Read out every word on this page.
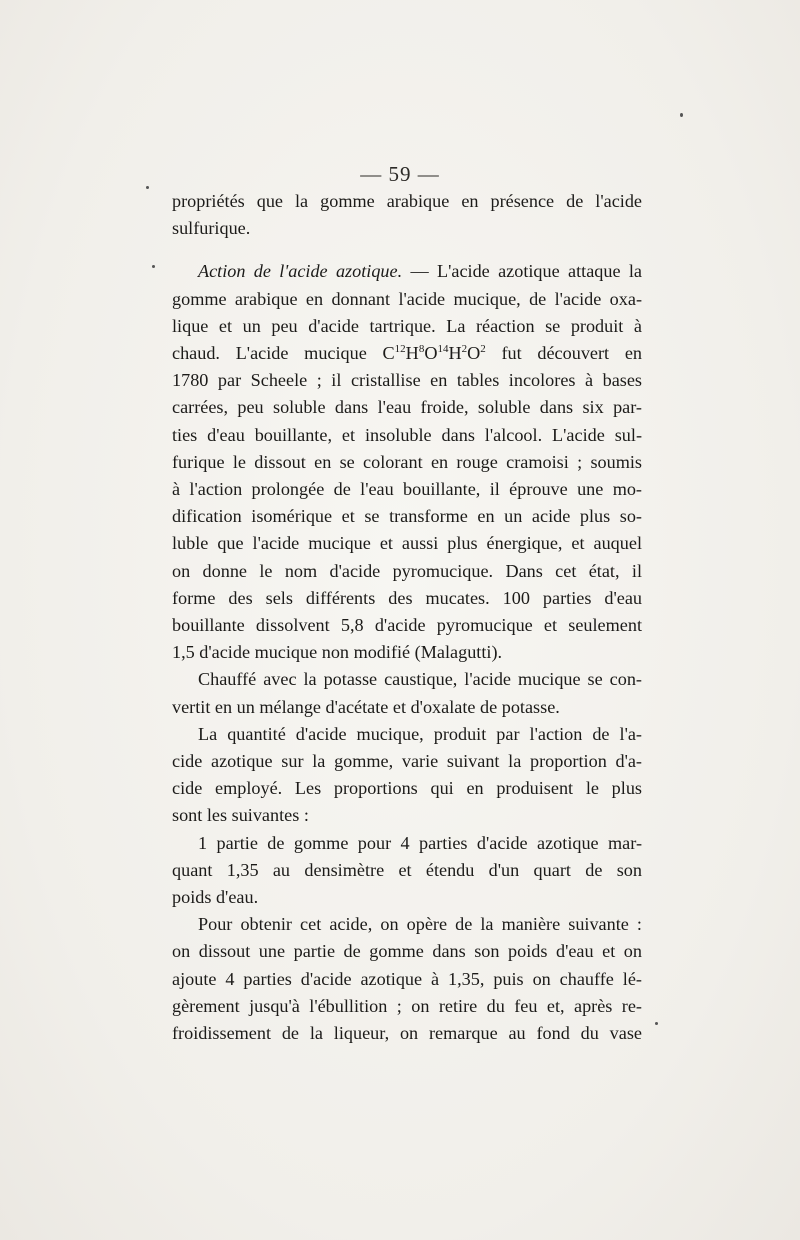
— 59 —
propriétés que la gomme arabique en présence de l'acide
sulfurique.
Action de l'acide azotique. — L'acide azotique attaque la
gomme arabique en donnant l'acide mucique, de l'acide oxa-
lique et un peu d'acide tartrique. La réaction se produit à
chaud. L'acide mucique $C^{12}H^8O^{14}H^2O^2$ fut découvert en
1780 par Scheele ; il cristallise en tables incolores à bases
carrées, peu soluble dans l'eau froide, soluble dans six par-
ties d'eau bouillante, et insoluble dans l'alcool. L'acide sul-
furique le dissout en se colorant en rouge cramoisi ; soumis
à l'action prolongée de l'eau bouillante, il éprouve une mo-
dification isomérique et se transforme en un acide plus so-
luble que l'acide mucique et aussi plus énergique, et auquel
on donne le nom d'acide pyromucique. Dans cet état, il
forme des sels différents des mucates. 100 parties d'eau
bouillante dissolvent 5,8 d'acide pyromucique et seulement
1,5 d'acide mucique non modifié (Malagutti).
Chauffé avec la potasse caustique, l'acide mucique se con-
vertit en un mélange d'acétate et d'oxalate de potasse.
La quantité d'acide mucique, produit par l'action de l'a-
cide azotique sur la gomme, varie suivant la proportion d'a-
cide employé. Les proportions qui en produisent le plus
sont les suivantes :
1 partie de gomme pour 4 parties d'acide azotique mar-
quant 1,35 au densimètre et étendu d'un quart de son
poids d'eau.
Pour obtenir cet acide, on opère de la manière suivante :
on dissout une partie de gomme dans son poids d'eau et on
ajoute 4 parties d'acide azotique à 1,35, puis on chauffe lé-
gèrement jusqu'à l'ébullition ; on retire du feu et, après re-
froidissement de la liqueur, on remarque au fond du vase
